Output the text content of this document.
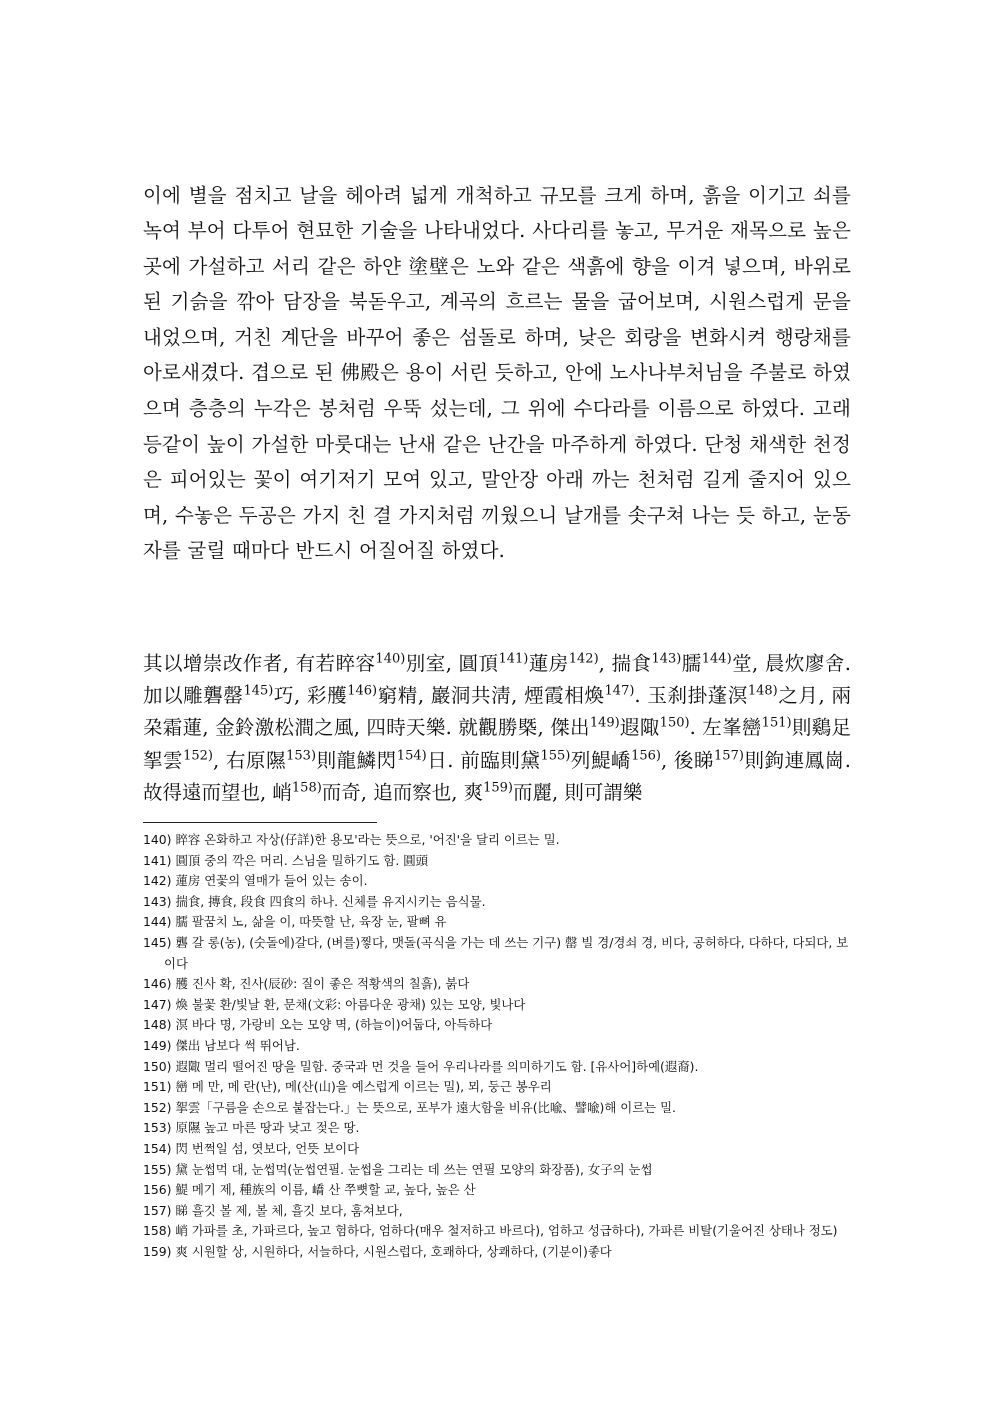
이에 별을 점치고 날을 헤아려 넓게 개척하고 규모를 크게 하며, 흙을 이기고 쇠를 녹여 부어 다투어 현묘한 기술을 나타내었다. 사다리를 놓고, 무거운 재목으로 높은 곳에 가설하고 서리 같은 하얀 塗壁은 노와 같은 색흙에 향을 이겨 넣으며, 바위로 된 기슭을 깎아 담장을 북돋우고, 계곡의 흐르는 물을 굽어보며, 시원스럽게 문을 내었으며, 거친 계단을 바꾸어 좋은 섬돌로 하며, 낮은 회랑을 변화시켜 행랑채를 아로새겼다. 겹으로 된 佛殿은 용이 서린 듯하고, 안에 노사나부처님을 주불로 하였으며 층층의 누각은 봉처럼 우뚝 섰는데, 그 위에 수다라를 이름으로 하였다. 고래 등같이 높이 가설한 마룻대는 난새 같은 난간을 마주하게 하였다. 단청 채색한 천정은 피어있는 꽃이 여기저기 모여 있고, 말안장 아래 까는 천처럼 길게 줄지어 있으며, 수놓은 두공은 가지 친 결 가지처럼 끼웠으니 날개를 솟구쳐 나는 듯 하고, 눈동자를 굴릴 때마다 반드시 어질어질 하였다.

其以增崇改作者, 有若睟容$^{140)}$別室, 圓頂$^{141)}$蓮房$^{142)}$, 揣食$^{143)}$臑$^{144)}$堂, 晨炊廖舍. 加以雕礱罄$^{145)}$巧, 彩雘$^{146)}$窮精, 巖洞共淸, 煙霞相煥$^{147)}$. 玉刹掛蓬溟$^{148)}$之月, 兩朶霜蓮, 金鈴激松澗之風, 四時天樂. 就觀勝槩, 傑出$^{149)}$遐陬$^{150)}$. 左峯巒$^{151)}$則鷄足挐雲$^{152)}$, 右原隰$^{153)}$則龍鱗閃$^{154)}$日. 前臨則黛$^{155)}$列鯷嶠$^{156)}$, 後睇$^{157)}$則鉤連鳳崗. 故得遠而望也, 峭$^{158)}$而奇, 追而察也, 爽$^{159)}$而麗, 則可謂樂

140) 睟容 온화하고 자상(仔詳)한 용모'라는 뜻으로, '어진'을 달리 이르는 밀.
141) 圓頂 중의 깍은 머리. 스님을 밀하기도 함. 圓頭
142) 蓮房 연꽃의 열매가 들어 있는 송이.
143) 揣食, 摶食, 段食 四食의 하나. 신체를 유지시키는 음식물.
144) 臑 팔꿈치 노, 삶을 이, 따뜻할 난, 육장 눈, 팔뼈 유
145) 礱 갈 롱(농), (숫돌에)갈다, (벼를)찧다, 맷돌(곡식을 가는 데 쓰는 기구) 罄 빌 경/경쇠 경, 비다, 공허하다, 다하다, 다되다, 보이다
146) 雘 진사 확, 진사(辰砂: 질이 좋은 적황색의 칠흙), 붉다
147) 煥 불꽃 환/빛날 환, 문채(文彩: 아름다운 광채) 있는 모양, 빛나다
148) 溟 바다 명, 가랑비 오는 모양 멱, (하늘이)어둡다, 아득하다
149) 傑出 남보다 썩 뛰어남.
150) 遐陬 멀리 떨어진 땅을 밀함. 중국과 먼 것을 들어 우리나라를 의미하기도 함. [유사어]하예(遐裔).
151) 巒 메 만, 메 란(난), 메(산(山)을 예스럽게 이르는 밀), 뫼, 둥근 봉우리
152) 挐雲「구름을 손으로 붙잡는다.」는 뜻으로, 포부가 遠大함을 비유(比喩、譬喩)해 이르는 밀.
153) 原隰 높고 마른 땅과 낮고 젖은 땅.
154) 閃 번쩍일 섬, 엿보다, 언뜻 보이다
155) 黛 눈썹먹 대, 눈썹먹(눈썹연필. 눈썹을 그리는 데 쓰는 연필 모양의 화장품), 女子의 눈썹
156) 鯷 메기 제, 種族의 이름, 嶠 산 쭈뼛할 교, 높다, 높은 산
157) 睇 흘깃 볼 제, 볼 체, 흘깃 보다, 훔쳐보다,
158) 峭 가파를 초, 가파르다, 높고 험하다, 엄하다(매우 철저하고 바르다), 엄하고 성급하다), 가파른 비탈(기울어진 상태나 정도)
159) 爽 시원할 상, 시원하다, 서늘하다, 시원스럽다, 호쾌하다, 상쾌하다, (기분이)좋다
